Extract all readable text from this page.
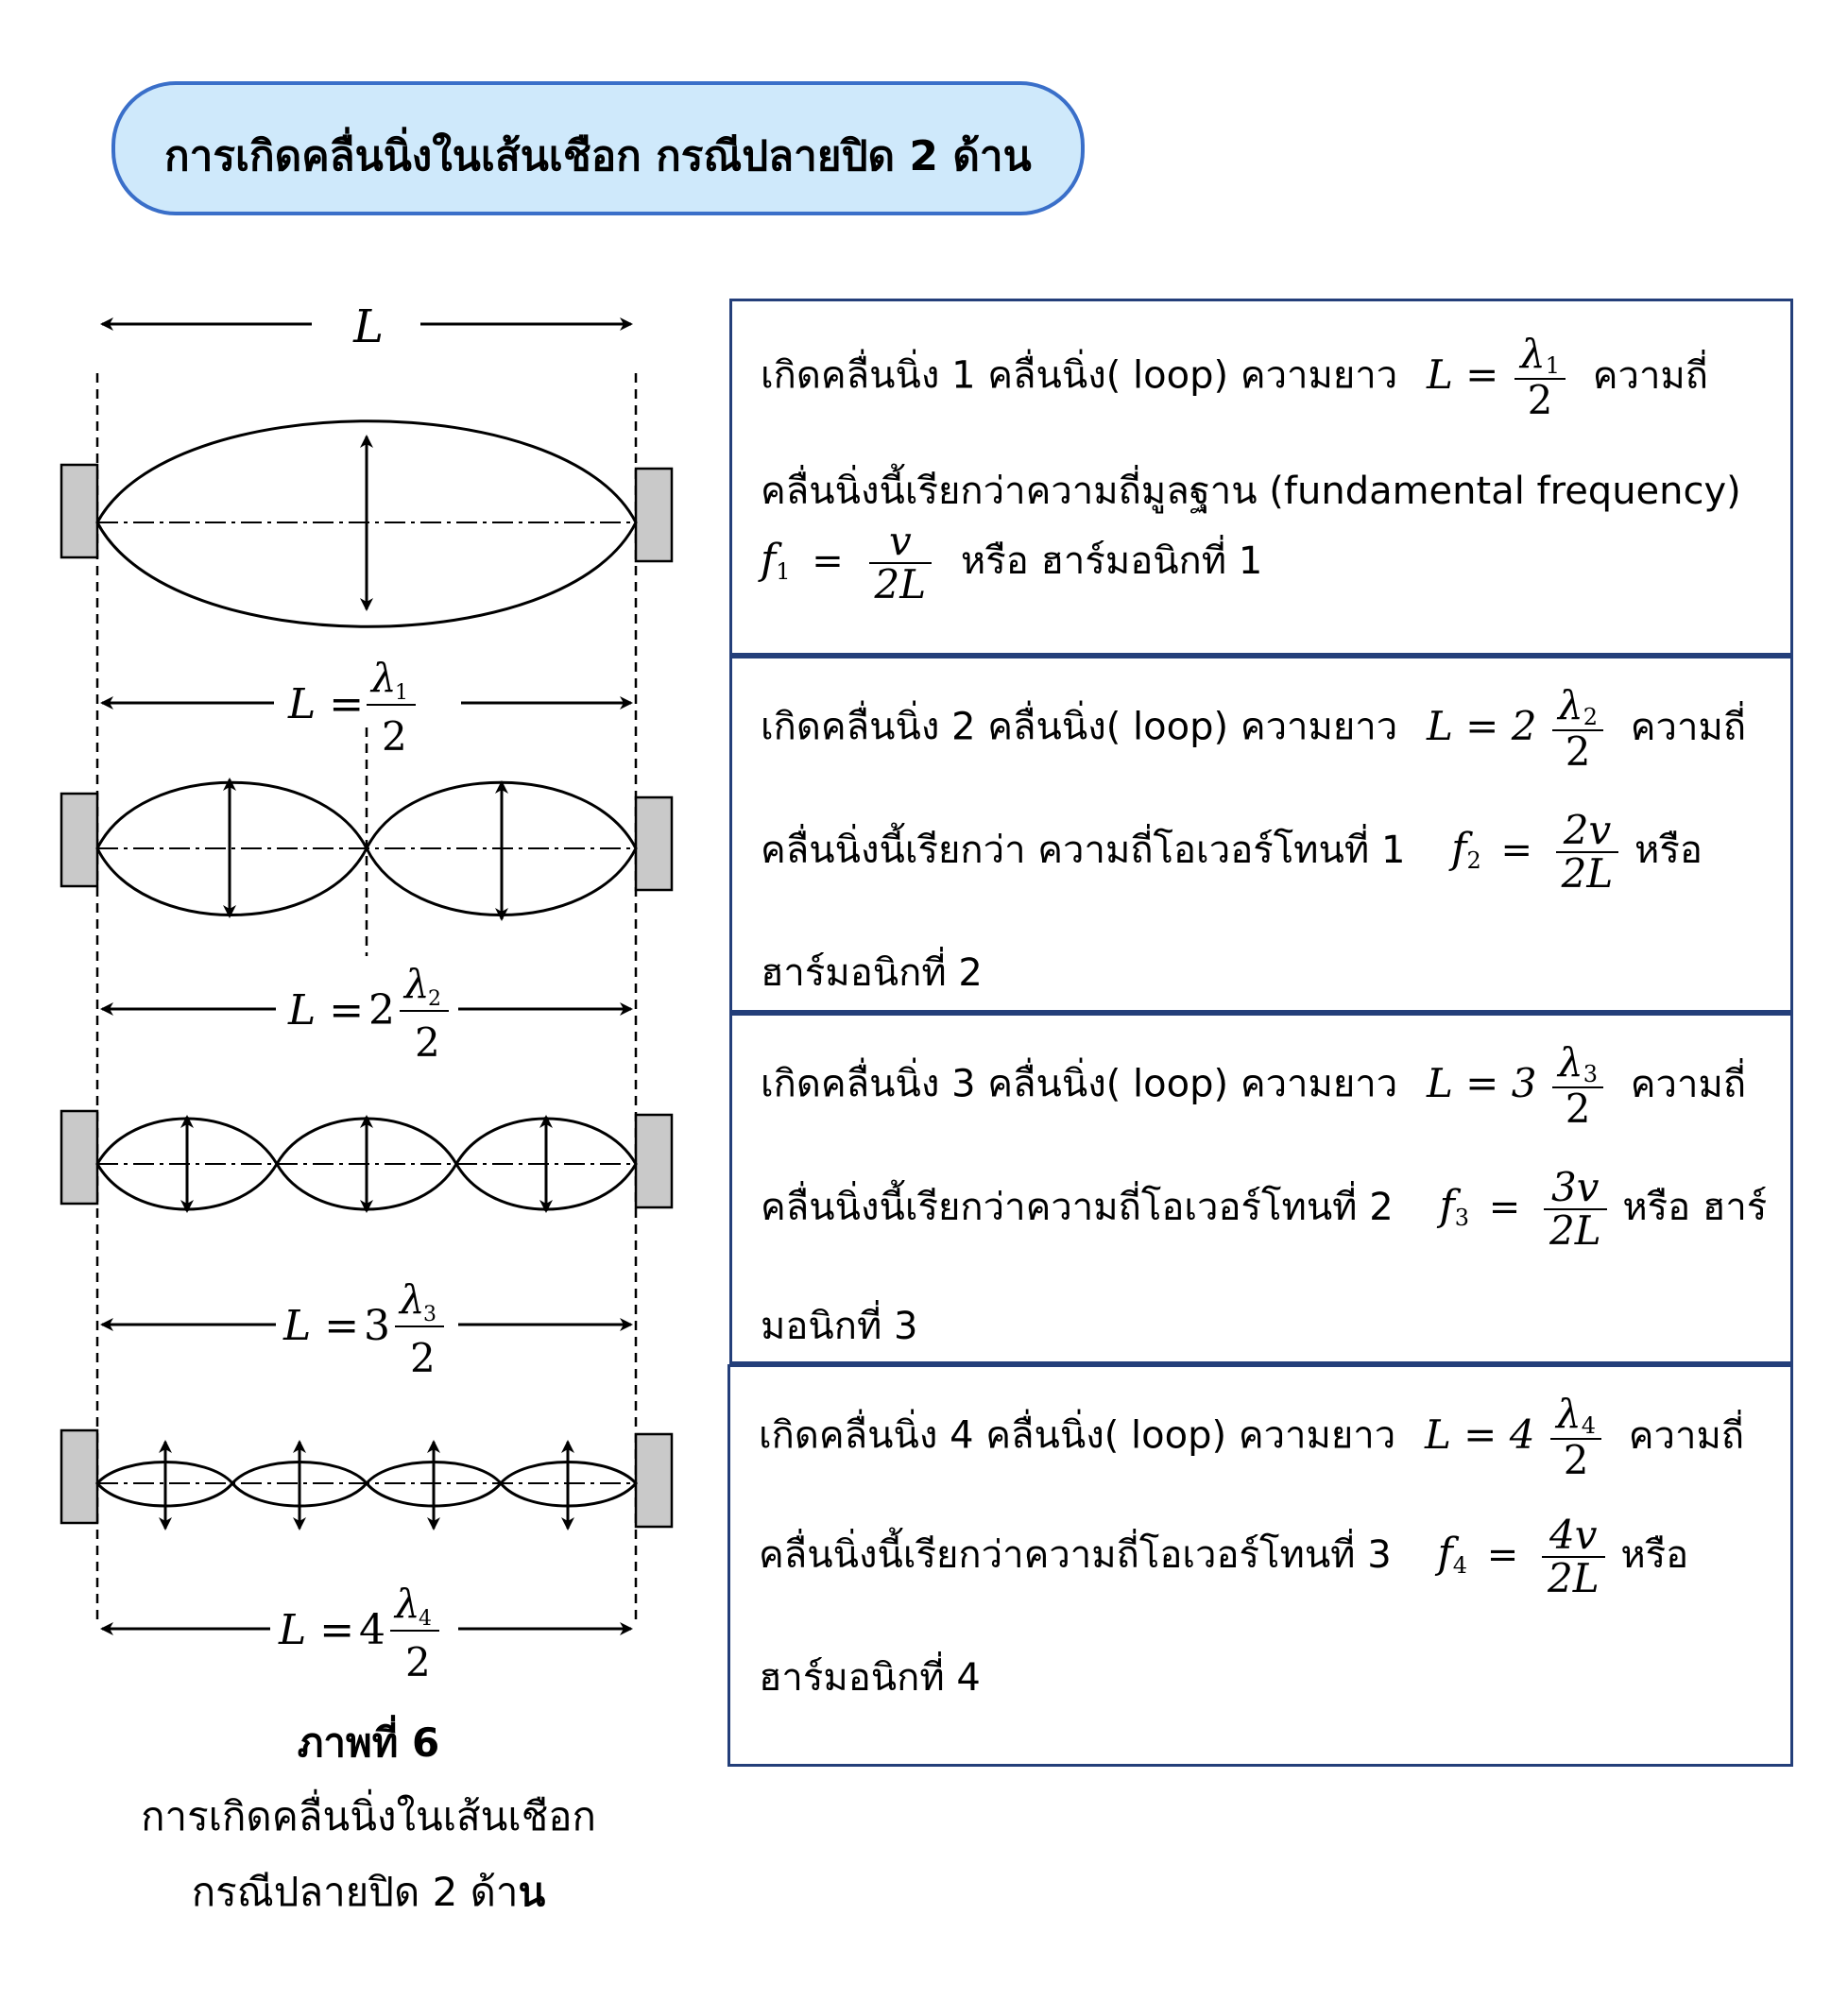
การเกิดคลื่นนิ่งในเส้นเชือก กรณีปลายปิด 2 ด้าน
L
L =
λ
1
2
L = 2
λ
2
2
L = 3
λ
3
2
L = 4
λ
4
2
ภาพที่ 6
การเกิดคลื่นนิ่งในเส้นเชือก
กรณีปลายปิด 2 ด้าน
เกิดคลื่นนิ่ง 1 คลื่นนิ่ง( loop) ความยาว $L = \frac{\lambda_1}{2}$ ความถี่
คลื่นนิ่งนี้เรียกว่าความถี่มูลฐาน (fundamental frequency)
$f_1 = \frac{v}{2L}$ หรือ ฮาร์มอนิกที่ 1
เกิดคลื่นนิ่ง 2 คลื่นนิ่ง( loop) ความยาว $L = 2 \frac{\lambda_2}{2}$ ความถี่
คลื่นนิ่งนี้เรียกว่า ความถี่โอเวอร์โทนที่ 1 $f_2 = \frac{2v}{2L}$ หรือ
ฮาร์มอนิกที่ 2
เกิดคลื่นนิ่ง 3 คลื่นนิ่ง( loop) ความยาว $L = 3 \frac{\lambda_3}{2}$ ความถี่
คลื่นนิ่งนี้เรียกว่าความถี่โอเวอร์โทนที่ 2 $f_3 = \frac{3v}{2L}$ หรือ ฮาร์
มอนิกที่ 3
เกิดคลื่นนิ่ง 4 คลื่นนิ่ง( loop) ความยาว $L = 4 \frac{\lambda_4}{2}$ ความถี่
คลื่นนิ่งนี้เรียกว่าความถี่โอเวอร์โทนที่ 3 $f_4 = \frac{4v}{2L}$ หรือ
ฮาร์มอนิกที่ 4
